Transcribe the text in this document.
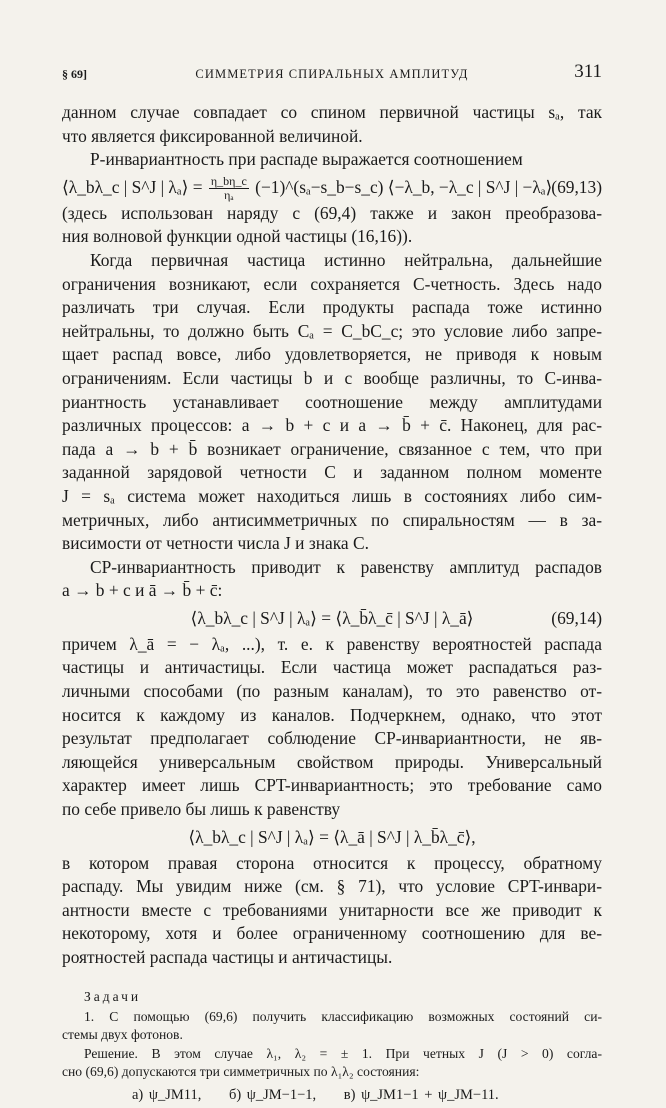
§ 69]	СИММЕТРИЯ СПИРАЛЬНЫХ АМПЛИТУД	311
данном случае совпадает со спином первичной частицы sₐ, так
что является фиксированной величиной.
P-инвариантность при распаде выражается соотношением
⟨λ_bλ_c | S^J | λₐ⟩ = $\frac{\eta\_b\eta\_c}{\text{ηₐ}}$ (−1)^(sₐ−s_b−s_c) ⟨−λ_b, −λ_c | S^J | −λₐ⟩
(69,13)
(здесь использован наряду с (69,4) также и закон преобразова-
ния волновой функции одной частицы (16,16)).
Когда первичная частица истинно нейтральна, дальнейшие
ограничения возникают, если сохраняется C-четность. Здесь надо
различать три случая. Если продукты распада тоже истинно
нейтральны, то должно быть Cₐ = C_bC_c; это условие либо запре-
щает распад вовсе, либо удовлетворяется, не приводя к новым
ограничениям. Если частицы b и c вообще различны, то C-инва-
риантность устанавливает соотношение между амплитудами
различных процессов: a → b + c и a → b̄ + c̄. Наконец, для рас-
пада a → b + b̄ возникает ограничение, связанное с тем, что при
заданной зарядовой четности C и заданном полном моменте
J = sₐ система может находиться лишь в состояниях либо сим-
метричных, либо антисимметричных по спиральностям — в за-
висимости от четности числа J и знака C.
CP-инвариантность приводит к равенству амплитуд распадов
a → b + c и ā → b̄ + c̄:
⟨λ_bλ_c | S^J | λₐ⟩ = ⟨λ_b̄λ_c̄ | S^J | λ_ā⟩	(69,14)
причем λ_ā = − λₐ, ...), т. е. к равенству вероятностей распада
частицы и античастицы. Если частица может распадаться раз-
личными способами (по разным каналам), то это равенство от-
носится к каждому из каналов. Подчеркнем, однако, что этот
результат предполагает соблюдение CP-инвариантности, не яв-
ляющейся универсальным свойством природы. Универсальный
характер имеет лишь CPT-инвариантность; это требование само
по себе привело бы лишь к равенству
⟨λ_bλ_c | S^J | λₐ⟩ = ⟨λ_ā | S^J | λ_b̄λ_c̄⟩,
в котором правая сторона относится к процессу, обратному
распаду. Мы увидим ниже (см. § 71), что условие CPT-инвари-
антности вместе с требованиями унитарности все же приводит к
некоторому, хотя и более ограниченному соотношению для ве-
роятностей распада частицы и античастицы.
Задачи
1. С помощью (69,6) получить классификацию возможных состояний си-
стемы двух фотонов.
Решение. В этом случае λ₁, λ₂ = ± 1. При четных J (J > 0) согла-
сно (69,6) допускаются три симметричных по λ₁λ₂ состояния:
а) ψ_JM11, б) ψ_JM−1−1, в) ψ_JM1−1 + ψ_JM−11.
